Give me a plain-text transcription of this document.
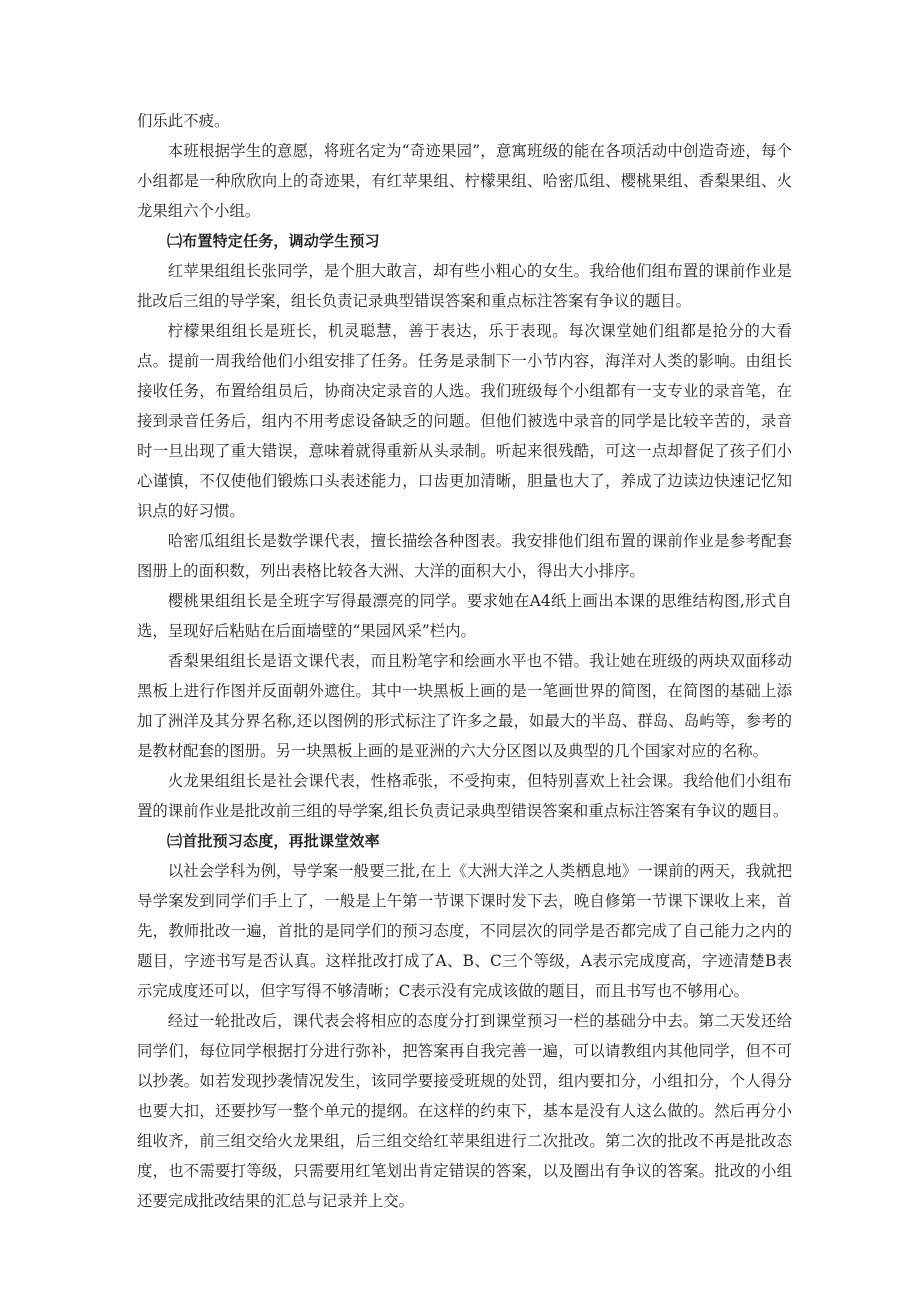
们乐此不疲。

本班根据学生的意愿，将班名定为“奇迹果园”，意寓班级的能在各项活动中创造奇迹，每个小组都是一种欣欣向上的奇迹果，有红苹果组、柠檬果组、哈密瓜组、樱桃果组、香梨果组、火龙果组六个小组。

㈡布置特定任务，调动学生预习

红苹果组组长张同学，是个胆大敢言，却有些小粗心的女生。我给他们组布置的课前作业是批改后三组的导学案，组长负责记录典型错误答案和重点标注答案有争议的题目。

柠檬果组组长是班长，机灵聪慧，善于表达，乐于表现。每次课堂她们组都是抢分的大看点。提前一周我给他们小组安排了任务。任务是录制下一小节内容，海洋对人类的影响。由组长接收任务，布置给组员后，协商决定录音的人选。我们班级每个小组都有一支专业的录音笔，在接到录音任务后，组内不用考虑设备缺乏的问题。但他们被选中录音的同学是比较辛苦的，录音时一旦出现了重大错误，意味着就得重新从头录制。听起来很残酷，可这一点却督促了孩子们小心谨慎，不仅使他们锻炼口头表述能力，口齿更加清晰，胆量也大了，养成了边读边快速记忆知识点的好习惯。

哈密瓜组组长是数学课代表，擅长描绘各种图表。我安排他们组布置的课前作业是参考配套图册上的面积数，列出表格比较各大洲、大洋的面积大小，得出大小排序。

樱桃果组组长是全班字写得最漂亮的同学。要求她在A4纸上画出本课的思维结构图,形式自选，呈现好后粘贴在后面墙壁的“果园风采”栏内。

香梨果组组长是语文课代表，而且粉笔字和绘画水平也不错。我让她在班级的两块双面移动黑板上进行作图并反面朝外遮住。其中一块黑板上画的是一笔画世界的简图，在简图的基础上添加了洲洋及其分界名称,还以图例的形式标注了许多之最，如最大的半岛、群岛、岛屿等，参考的是教材配套的图册。另一块黑板上画的是亚洲的六大分区图以及典型的几个国家对应的名称。

火龙果组组长是社会课代表，性格乖张，不受拘束，但特别喜欢上社会课。我给他们小组布置的课前作业是批改前三组的导学案,组长负责记录典型错误答案和重点标注答案有争议的题目。

㈢首批预习态度，再批课堂效率

以社会学科为例，导学案一般要三批,在上《大洲大洋之人类栖息地》一课前的两天，我就把导学案发到同学们手上了，一般是上午第一节课下课时发下去，晚自修第一节课下课收上来，首先，教师批改一遍，首批的是同学们的预习态度，不同层次的同学是否都完成了自己能力之内的题目，字迹书写是否认真。这样批改打成了A、B、C三个等级，A表示完成度高，字迹清楚B表示完成度还可以，但字写得不够清晰；C表示没有完成该做的题目，而且书写也不够用心。

经过一轮批改后，课代表会将相应的态度分打到课堂预习一栏的基础分中去。第二天发还给同学们，每位同学根据打分进行弥补，把答案再自我完善一遍，可以请教组内其他同学，但不可以抄袭。如若发现抄袭情况发生，该同学要接受班规的处罚，组内要扣分，小组扣分，个人得分也要大扣，还要抄写一整个单元的提纲。在这样的约束下，基本是没有人这么做的。然后再分小组收齐，前三组交给火龙果组，后三组交给红苹果组进行二次批改。第二次的批改不再是批改态度，也不需要打等级，只需要用红笔划出肯定错误的答案，以及圈出有争议的答案。批改的小组还要完成批改结果的汇总与记录并上交。
